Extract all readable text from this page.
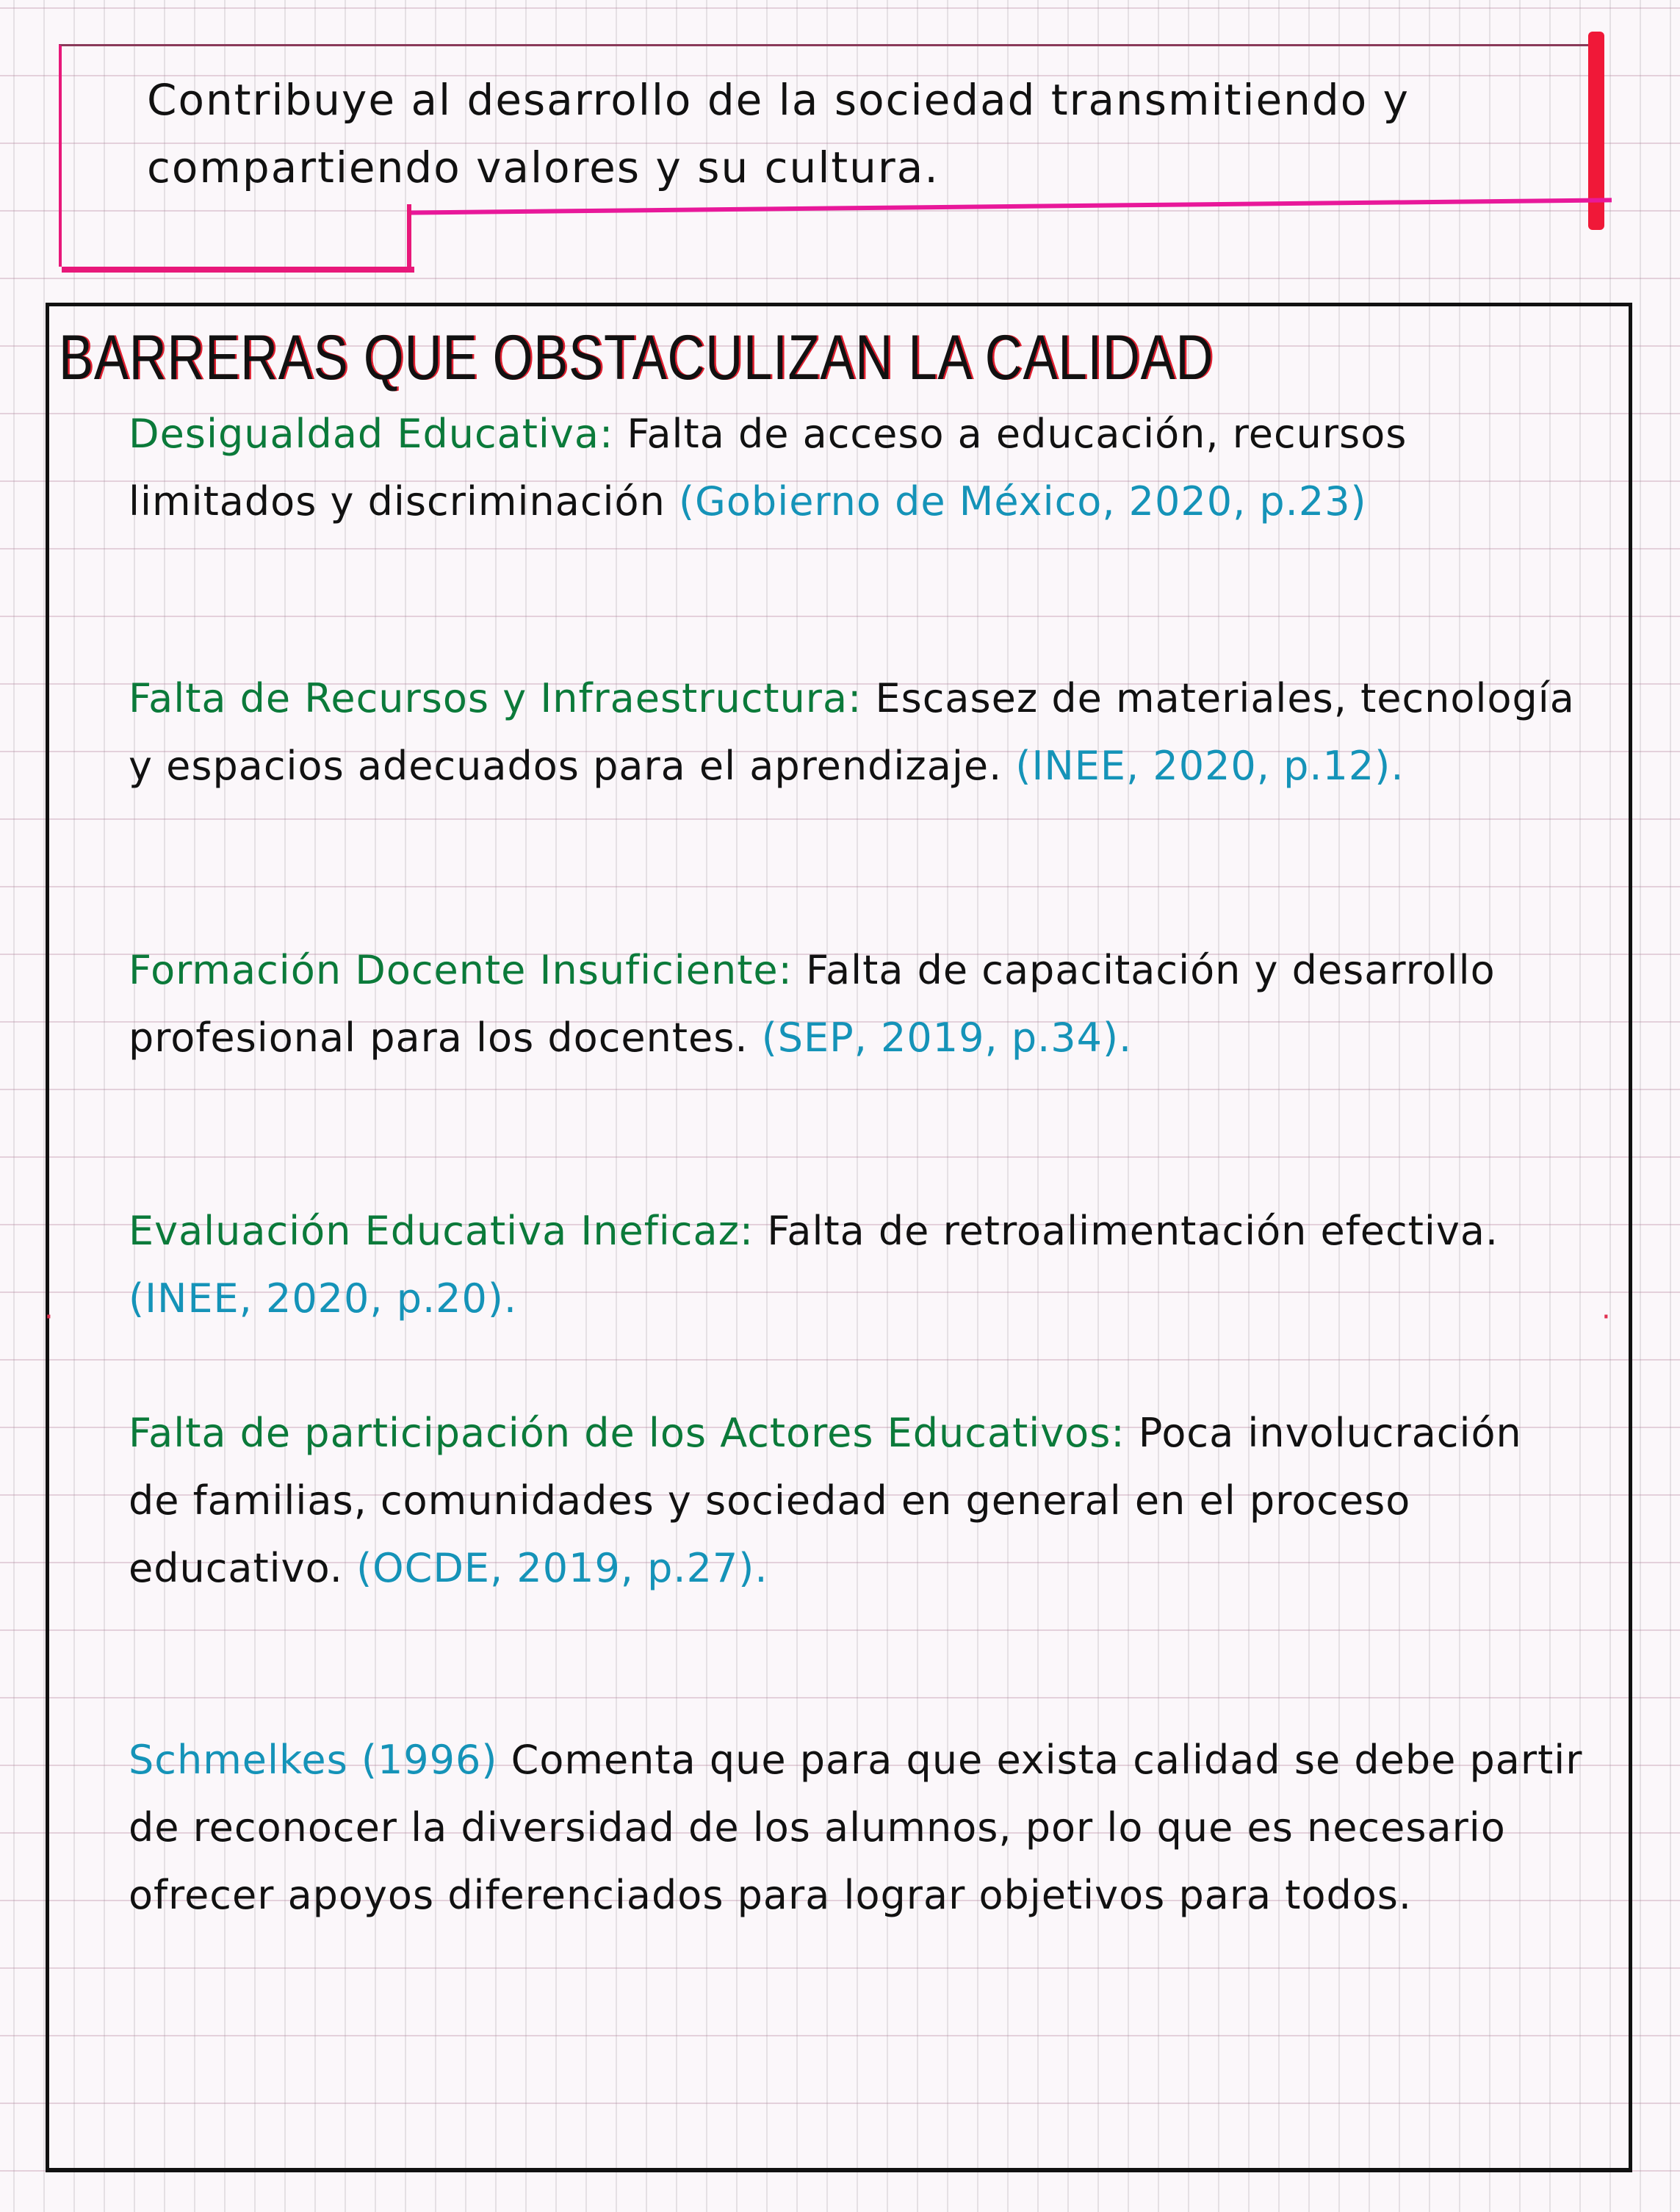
Contribuye al desarrollo de la sociedad transmitiendo y compartiendo valores y su cultura.
BARRERAS QUE OBSTACULIZAN LA CALIDAD
Desigualdad Educativa: Falta de acceso a educación, recursos limitados y discriminación (Gobierno de México, 2020, p.23)
Falta de Recursos y Infraestructura: Escasez de materiales, tecnología y espacios adecuados para el aprendizaje. (INEE, 2020, p.12).
Formación Docente Insuficiente: Falta de capacitación y desarrollo profesional para los docentes. (SEP, 2019, p.34).
Evaluación Educativa Ineficaz: Falta de retroalimentación efectiva. (INEE, 2020, p.20).
Falta de participación de los Actores Educativos: Poca involucración de familias, comunidades y sociedad en general en el proceso educativo. (OCDE, 2019, p.27).
Schmelkes (1996) Comenta que para que exista calidad se debe partir de reconocer la diversidad de los alumnos, por lo que es necesario ofrecer apoyos diferenciados para lograr objetivos para todos.
·	·
